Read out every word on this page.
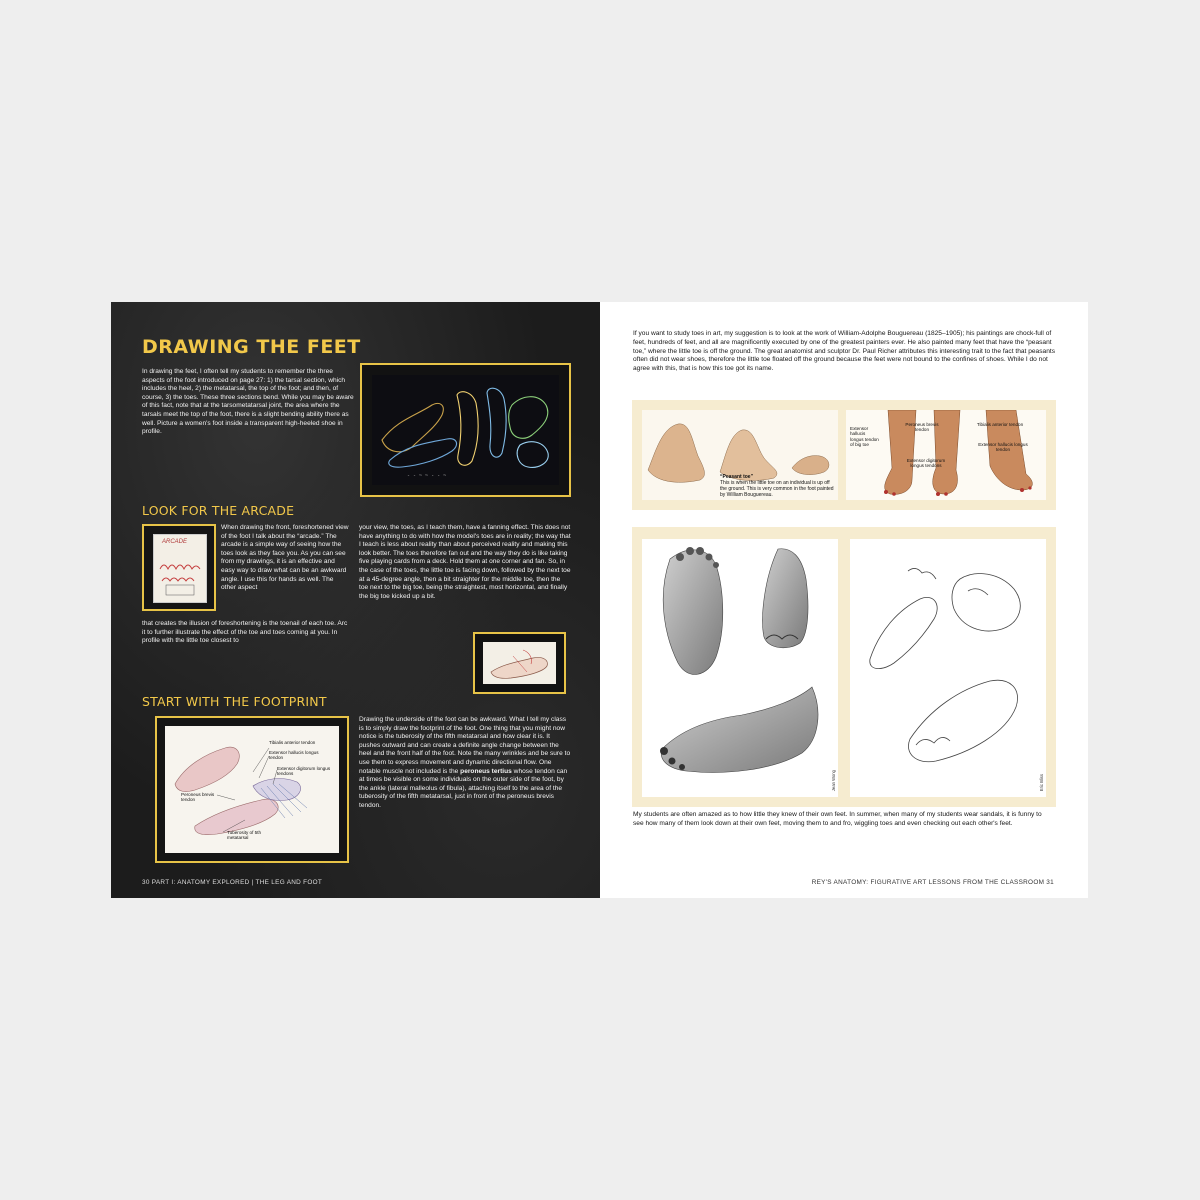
DRAWING THE FEET
In drawing the feet, I often tell my students to remember the three aspects of the foot introduced on page 27: 1) the tarsal section, which includes the heel, 2) the metatarsal, the top of the foot; and then, of course, 3) the toes. These three sections bend. While you may be aware of this fact, note that at the tarsometatarsal joint, the area where the tarsals meet the top of the foot, there is a slight bending ability there as well. Picture a women's foot inside a transparent high-heeled shoe in profile.
- - ~ ~ - - ~
LOOK FOR THE ARCADE
ARCADE
When drawing the front, foreshortened view of the foot I talk about the “arcade.” The arcade is a simple way of seeing how the toes look as they face you. As you can see from my drawings, it is an effective and easy way to draw what can be an awkward angle. I use this for hands as well. The other aspect
that creates the illusion of foreshortening is the toenail of each toe. Arc it to further illustrate the effect of the toe and toes coming at you. In profile with the little toe closest to
your view, the toes, as I teach them, have a fanning effect. This does not have anything to do with how the model's toes are in reality; the way that I teach is less about reality than about perceived reality and making this look better. The toes therefore fan out and the way they do is like taking five playing cards from a deck. Hold them at one corner and fan. So, in the case of the toes, the little toe is facing down, followed by the next toe at a 45-degree angle, then a bit straighter for the middle toe, then the toe next to the big toe, being the straightest, most horizontal, and finally the big toe kicked up a bit.
START WITH THE FOOTPRINT
Tibialis anterior tendon
Extensor hallucis longus tendon
Extensor digitorum longus tendons
Peroneus brevis tendon
Tuberosity of 5th metatarsal
Drawing the underside of the foot can be awkward. What I tell my class is to simply draw the footprint of the foot. One thing that you might now notice is the tuberosity of the fifth metatarsal and how clear it is. It pushes outward and can create a definite angle change between the heel and the front half of the foot. Note the many wrinkles and be sure to use them to express movement and dynamic directional flow. One notable muscle not included is the peroneus tertius whose tendon can at times be visible on some individuals on the outer side of the foot, by the ankle (lateral malleolus of fibula), attaching itself to the area of the tuberosity of the fifth metatarsal, just in front of the peroneus brevis tendon.
30 PART I: ANATOMY EXPLORED | THE LEG AND FOOT
If you want to study toes in art, my suggestion is to look at the work of William-Adolphe Bouguereau (1825–1905); his paintings are chock-full of feet, hundreds of feet, and all are magnificently executed by one of the greatest painters ever. He also painted many feet that have the “peasant toe,” where the little toe is off the ground. The great anatomist and sculptor Dr. Paul Richer attributes this interesting trait to the fact that peasants often did not wear shoes, therefore the little toe floated off the ground because the feet were not bound to the confines of shoes. While I do not agree with this, that is how this toe got its name.
“Peasant toe”
This is when the little toe on an individual is up off the ground. This is very common in the foot painted by William Bouguereau.
Extensor hallucis longus tendon of big toe
Peroneus brevis tendon
Tibialis anterior tendon
Extensor digitorum longus tendons
Extensor hallucis longus tendon
Jean Wong	Eric Bliss
My students are often amazed as to how little they knew of their own feet. In summer, when many of my students wear sandals, it is funny to see how many of them look down at their own feet, moving them to and fro, wiggling toes and even checking out each other's feet.
REY'S ANATOMY: FIGURATIVE ART LESSONS FROM THE CLASSROOM 31
